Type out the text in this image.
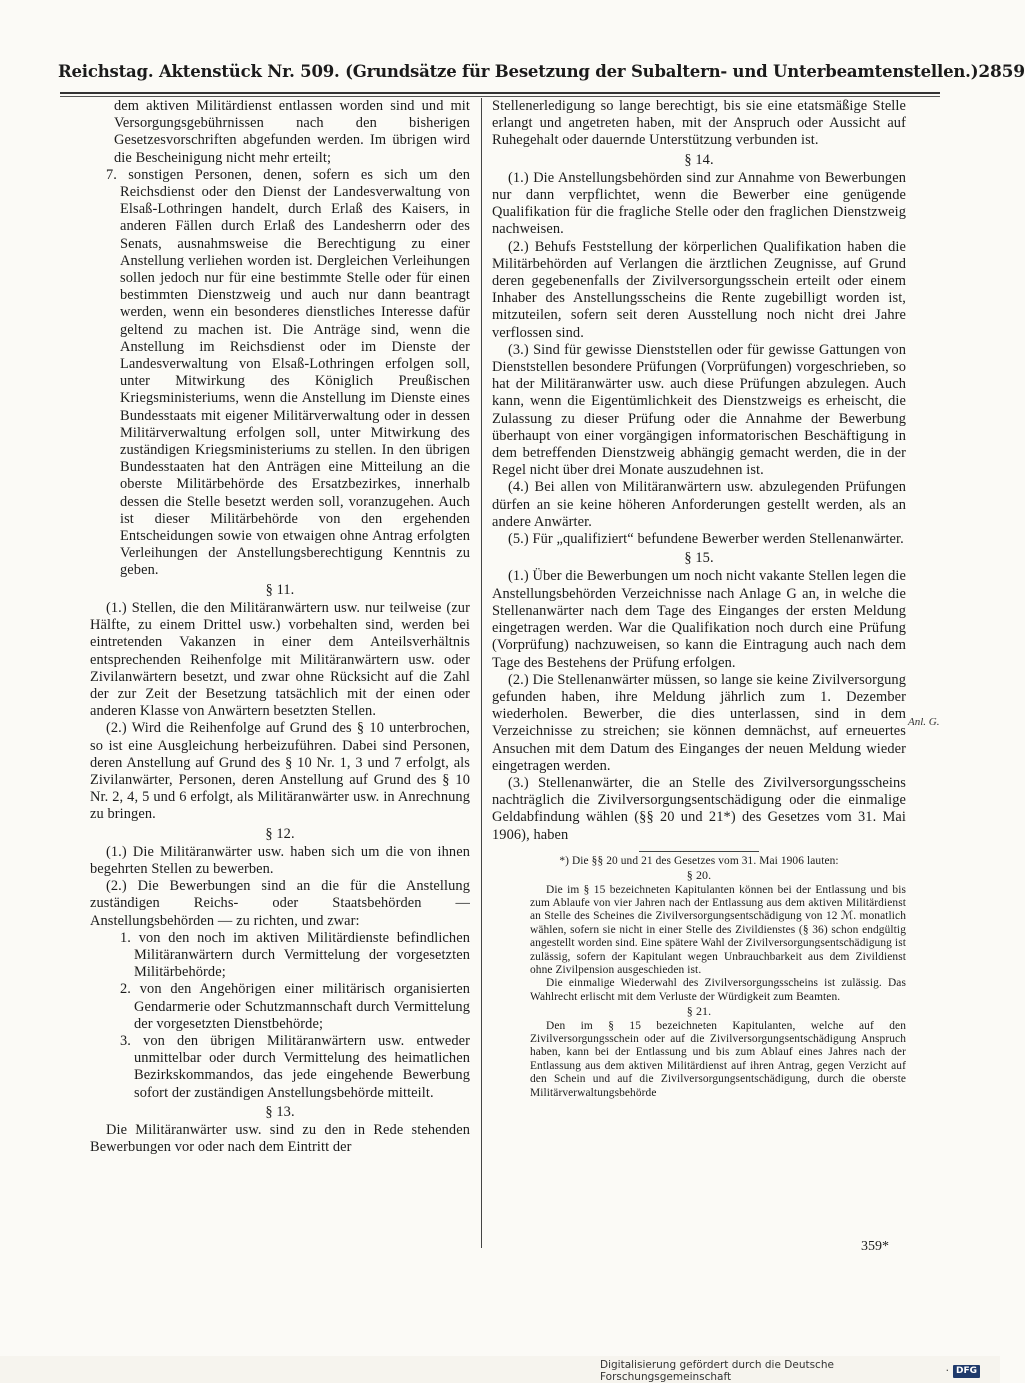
Reichstag. Aktenstück Nr. 509. (Grundsätze für Besetzung der Subaltern- und Unterbeamtenstellen.) 2859

dem aktiven Militärdienst entlassen worden sind und mit Versorgungsgebührnissen nach den bisherigen Gesetzesvorschriften abgefunden werden. Im übrigen wird die Bescheinigung nicht mehr erteilt;

7. sonstigen Personen, denen, sofern es sich um den Reichsdienst oder den Dienst der Landesverwaltung von Elsaß-Lothringen handelt, durch Erlaß des Kaisers, in anderen Fällen durch Erlaß des Landesherrn oder des Senats, ausnahmsweise die Berechtigung zu einer Anstellung verliehen worden ist. Dergleichen Verleihungen sollen jedoch nur für eine bestimmte Stelle oder für einen bestimmten Dienstzweig und auch nur dann beantragt werden, wenn ein besonderes dienstliches Interesse dafür geltend zu machen ist. Die Anträge sind, wenn die Anstellung im Reichsdienst oder im Dienste der Landesverwaltung von Elsaß-Lothringen erfolgen soll, unter Mitwirkung des Königlich Preußischen Kriegsministeriums, wenn die Anstellung im Dienste eines Bundesstaats mit eigener Militärverwaltung oder in dessen Militärverwaltung erfolgen soll, unter Mitwirkung des zuständigen Kriegsministeriums zu stellen. In den übrigen Bundesstaaten hat den Anträgen eine Mitteilung an die oberste Militärbehörde des Ersatzbezirkes, innerhalb dessen die Stelle besetzt werden soll, voranzugehen. Auch ist dieser Militärbehörde von den ergehenden Entscheidungen sowie von etwaigen ohne Antrag erfolgten Verleihungen der Anstellungsberechtigung Kenntnis zu geben.

§ 11.

(1.) Stellen, die den Militäranwärtern usw. nur teilweise (zur Hälfte, zu einem Drittel usw.) vorbehalten sind, werden bei eintretenden Vakanzen in einer dem Anteilsverhältnis entsprechenden Reihenfolge mit Militäranwärtern usw. oder Zivilanwärtern besetzt, und zwar ohne Rücksicht auf die Zahl der zur Zeit der Besetzung tatsächlich mit der einen oder anderen Klasse von Anwärtern besetzten Stellen.

(2.) Wird die Reihenfolge auf Grund des § 10 unterbrochen, so ist eine Ausgleichung herbeizuführen. Dabei sind Personen, deren Anstellung auf Grund des § 10 Nr. 1, 3 und 7 erfolgt, als Zivilanwärter, Personen, deren Anstellung auf Grund des § 10 Nr. 2, 4, 5 und 6 erfolgt, als Militäranwärter usw. in Anrechnung zu bringen.

§ 12.

(1.) Die Militäranwärter usw. haben sich um die von ihnen begehrten Stellen zu bewerben.

(2.) Die Bewerbungen sind an die für die Anstellung zuständigen Reichs- oder Staatsbehörden — Anstellungsbehörden — zu richten, und zwar:

1. von den noch im aktiven Militärdienste befindlichen Militäranwärtern durch Vermittelung der vorgesetzten Militärbehörde;

2. von den Angehörigen einer militärisch organisierten Gendarmerie oder Schutzmannschaft durch Vermittelung der vorgesetzten Dienstbehörde;

3. von den übrigen Militäranwärtern usw. entweder unmittelbar oder durch Vermittelung des heimatlichen Bezirkskommandos, das jede eingehende Bewerbung sofort der zuständigen Anstellungsbehörde mitteilt.

§ 13.

Die Militäranwärter usw. sind zu den in Rede stehenden Bewerbungen vor oder nach dem Eintritt der

Stellenerledigung so lange berechtigt, bis sie eine etatsmäßige Stelle erlangt und angetreten haben, mit der Anspruch oder Aussicht auf Ruhegehalt oder dauernde Unterstützung verbunden ist.

§ 14.

(1.) Die Anstellungsbehörden sind zur Annahme von Bewerbungen nur dann verpflichtet, wenn die Bewerber eine genügende Qualifikation für die fragliche Stelle oder den fraglichen Dienstzweig nachweisen.

(2.) Behufs Feststellung der körperlichen Qualifikation haben die Militärbehörden auf Verlangen die ärztlichen Zeugnisse, auf Grund deren gegebenenfalls der Zivilversorgungsschein erteilt oder einem Inhaber des Anstellungsscheins die Rente zugebilligt worden ist, mitzuteilen, sofern seit deren Ausstellung noch nicht drei Jahre verflossen sind.

(3.) Sind für gewisse Dienststellen oder für gewisse Gattungen von Dienststellen besondere Prüfungen (Vorprüfungen) vorgeschrieben, so hat der Militäranwärter usw. auch diese Prüfungen abzulegen. Auch kann, wenn die Eigentümlichkeit des Dienstzweigs es erheischt, die Zulassung zu dieser Prüfung oder die Annahme der Bewerbung überhaupt von einer vorgängigen informatorischen Beschäftigung in dem betreffenden Dienstzweig abhängig gemacht werden, die in der Regel nicht über drei Monate auszudehnen ist.

(4.) Bei allen von Militäranwärtern usw. abzulegenden Prüfungen dürfen an sie keine höheren Anforderungen gestellt werden, als an andere Anwärter.

(5.) Für „qualifiziert“ befundene Bewerber werden Stellenanwärter.

§ 15.

(1.) Über die Bewerbungen um noch nicht vakante Stellen legen die Anstellungsbehörden Verzeichnisse nach Anlage G an, in welche die Stellenanwärter nach dem Tage des Einganges der ersten Meldung eingetragen werden. War die Qualifikation noch durch eine Prüfung (Vorprüfung) nachzuweisen, so kann die Eintragung auch nach dem Tage des Bestehens der Prüfung erfolgen.

(2.) Die Stellenanwärter müssen, so lange sie keine Zivilversorgung gefunden haben, ihre Meldung jährlich zum 1. Dezember wiederholen. Bewerber, die dies unterlassen, sind in dem Verzeichnisse zu streichen; sie können demnächst, auf erneuertes Ansuchen mit dem Datum des Einganges der neuen Meldung wieder eingetragen werden.

(3.) Stellenanwärter, die an Stelle des Zivilversorgungsscheins nachträglich die Zivilversorgungsentschädigung oder die einmalige Geldabfindung wählen (§§ 20 und 21*) des Gesetzes vom 31. Mai 1906), haben

*) Die §§ 20 und 21 des Gesetzes vom 31. Mai 1906 lauten:

§ 20.

Die im § 15 bezeichneten Kapitulanten können bei der Entlassung und bis zum Ablaufe von vier Jahren nach der Entlassung aus dem aktiven Militärdienst an Stelle des Scheines die Zivilversorgungsentschädigung von 12 ℳ. monatlich wählen, sofern sie nicht in einer Stelle des Zivildienstes (§ 36) schon endgültig angestellt worden sind. Eine spätere Wahl der Zivilversorgungsentschädigung ist zulässig, sofern der Kapitulant wegen Unbrauchbarkeit aus dem Zivildienst ohne Zivilpension ausgeschieden ist.

Die einmalige Wiederwahl des Zivilversorgungsscheins ist zulässig. Das Wahlrecht erlischt mit dem Verluste der Würdigkeit zum Beamten.

§ 21.

Den im § 15 bezeichneten Kapitulanten, welche auf den Zivilversorgungsschein oder auf die Zivilversorgungsentschädigung Anspruch haben, kann bei der Entlassung und bis zum Ablauf eines Jahres nach der Entlassung aus dem aktiven Militärdienst auf ihren Antrag, gegen Verzicht auf den Schein und auf die Zivilversorgungsentschädigung, durch die oberste Militärverwaltungsbehörde

Anl. G.
359*
Digitalisierung gefördert durch die Deutsche Forschungsgemeinschaft	· DFG
